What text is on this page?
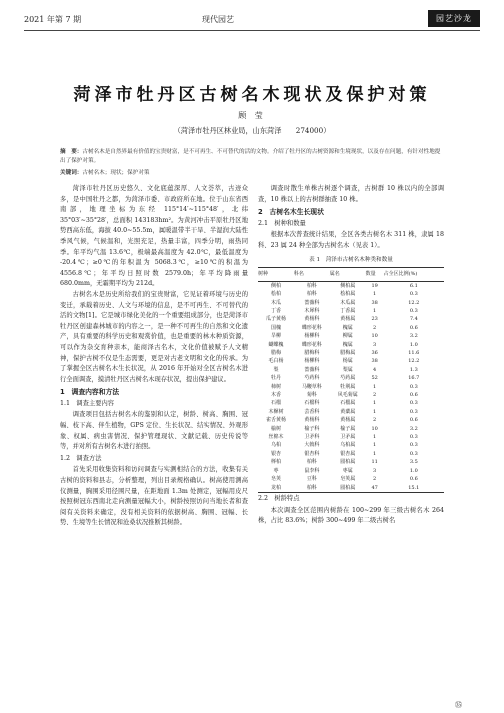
2021 年第 7 期	现代园艺	园艺沙龙
菏泽市牡丹区古树名木现状及保护对策
顾 莹
（菏泽市牡丹区林业局，山东菏泽　　274000）
摘　要：古树名木是自然界最有价值的宝贵财富，是不可再生、不可替代的活的文物。介绍了牡丹区的古树资源和生境现状，以及存在问题，有针对性地提出了保护对策。
关键词：古树名木；现状；保护对策

菏泽市牡丹区历史悠久、文化底蕴深厚、人文荟萃，古迹众多，是中国牡丹之都，为菏泽市委、市政府所在地。位于山东省西南部，地理坐标为东经 115°14′~115°48′，北纬 35°03′~35°28′，总面积 143183hm²。为黄河冲击平原牡丹区地势西高东低，海拔 40.0~55.5m，属暖温带半干旱、半湿润大陆性季风气候，气候温和，光照充足，热量丰富，四季分明，雨热同季。年平均气温 13.6℃，极端最高温度为 42.0℃，最低温度为 -20.4℃；≥0℃的年积温为 5068.3℃，≥10℃的积温为 4556.8℃；年平均日照时数 2579.0h；年平均降雨量 680.0mm，无霜期平均为 212d。

古树名木是历史所给我们的宝贵财富，它见证着环境与历史的变迁，承载着历史、人文与环境的信息，是不可再生、不可替代的活的文物[1]。它是城市绿化美化的一个重要组成部分，也是菏泽市牡丹区创建森林城市的内容之一，是一种不可再生的自然和文化遗产，具有重要的科学历史和观赏价值，也是重要的林木种质资源，可以作为杂交育种亲本，能商泽古名木，文化价值被赋予人文精神，保护古树不仅是生态需要，更是对古老文明和文化的传承。为了掌握全区古树名木生长状况，从 2016 年开始对全区古树名木进行全面调查，摸清牡丹区古树名木现存状况，提出保护建议。

1　调查内容和方法
1.1　调查主要内容

调查项目包括古树名木的鉴别和认定，树龄、树高、胸围、冠幅、枝下高、伴生植物，GPS 定位、生长状况、结实情况、外观形象、权属、病虫害情况、保护管理现状、文献记载、历史传说等等，并对所有古树名木进行拍照。

1.2　调查方法

首先采用收集资料和访问调查与实测相结合的方法，收集有关古树的资料和县志，分析整理，列出目录规格确认。树高使用测高仪测量，胸围采用径围尺量，在距地面 1.3m 处测定，冠幅用皮尺按照树冠东西南北走向测量冠幅大小，树龄按照访问当地长者和查阅有关资料来确定，没有相关资料的依据树高、胸围、冠幅、长势、生境等生长情况和沧桑状况推断其树龄。

调查时散生单株古树逐个调查，古树群 10 株以内的全部调查，10 株以上的古树群抽查 10 株。

2　古树名木生长现状
2.1　树种和数量

根据本次普查统计结果，全区各类古树名木 311 株，隶属 18 科、23 属 24 种全部为古树名木（见表 1）。

表 1　菏泽市古树名木种类和数量
树种	科名	属名	数量	占全区比例(%)
侧柏	柏科	侧柏属	19	6.1
桧柏	柏科	桧柏属	1	0.3
木瓜	蔷薇科	木瓜属	38	12.2
丁香	木犀科	丁香属	1	0.3
瓜子黄杨	黄杨科	黄杨属	23	7.4
国槐	蝶形花科	槐属	2	0.6
旱柳	杨柳科	柳属	10	3.2
蝴蝶槐	蝶形花科	槐属	3	1.0
腊梅	腊梅科	腊梅属	36	11.6
毛白杨	杨柳科	杨属	38	12.2
梨	蔷薇科	梨属	4	1.3
牡丹	芍药科	芍药属	52	16.7
柿树	马鞭草科	牡荆属	1	0.3
木香	菊科	风毛菊属	2	0.6
石榴	石榴科	石榴属	1	0.3
木樨树	芸香科	黄蘗属	1	0.3
雀舌黄杨	黄杨科	黄杨属	2	0.6
榆树	榆子科	榆子属	10	3.2
丝棉木	卫矛科	卫矛属	1	0.3
乌桕	大戟科	乌桕属	1	0.3
银杏	银杏科	银杏属	1	0.3
榉柏	柏科	圆柏属	11	3.5
枣	鼠李科	枣属	3	1.0
皂荚	豆科	皂荚属	2	0.6
龙柏	柏科	圆柏属	47	15.1
2.2　树龄特点

本次调查全区范围内树龄在 100~299 年三级古树名木 264 株，占比 83.6%；树龄 300~499 年二级古树名

㉟
